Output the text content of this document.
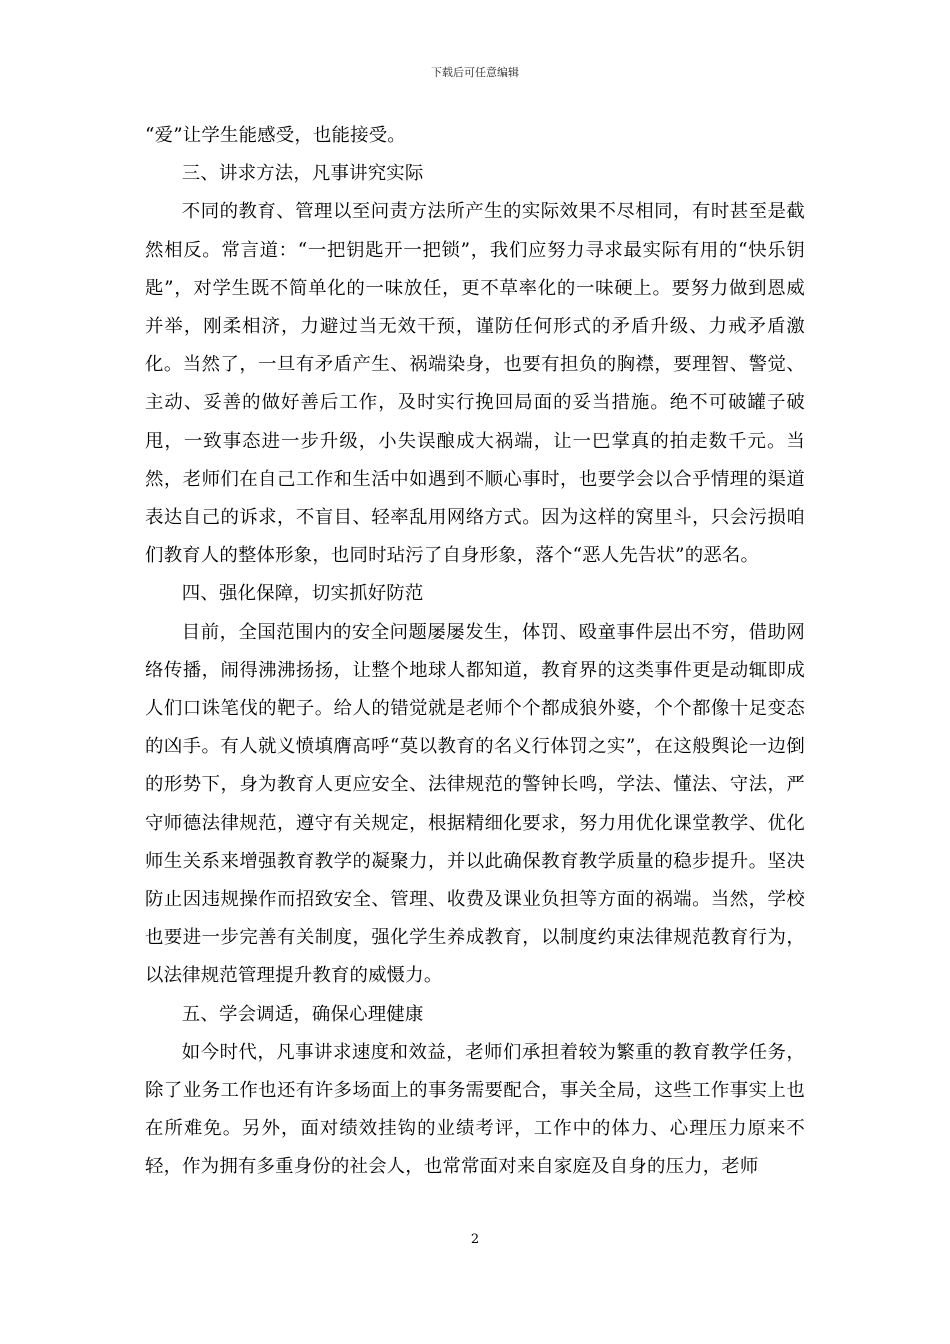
下载后可任意编辑

“爱”让学生能感受，也能接受。

三、讲求方法，凡事讲究实际

不同的教育、管理以至问责方法所产生的实际效果不尽相同，有时甚至是截然相反。常言道：“一把钥匙开一把锁”，我们应努力寻求最实际有用的“快乐钥匙”，对学生既不简单化的一味放任，更不草率化的一味硬上。要努力做到恩威并举，刚柔相济，力避过当无效干预，谨防任何形式的矛盾升级、力戒矛盾激化。当然了，一旦有矛盾产生、祸端染身，也要有担负的胸襟，要理智、警觉、主动、妥善的做好善后工作，及时实行挽回局面的妥当措施。绝不可破罐子破甩，一致事态进一步升级，小失误酿成大祸端，让一巴掌真的拍走数千元。当然，老师们在自己工作和生活中如遇到不顺心事时，也要学会以合乎情理的渠道表达自己的诉求，不盲目、轻率乱用网络方式。因为这样的窝里斗，只会污损咱们教育人的整体形象，也同时玷污了自身形象，落个“恶人先告状”的恶名。

四、强化保障，切实抓好防范

目前，全国范围内的安全问题屡屡发生，体罚、殴童事件层出不穷，借助网络传播，闹得沸沸扬扬，让整个地球人都知道，教育界的这类事件更是动辄即成人们口诛笔伐的靶子。给人的错觉就是老师个个都成狼外婆，个个都像十足变态的凶手。有人就义愤填膺高呼“莫以教育的名义行体罚之实”，在这般舆论一边倒的形势下，身为教育人更应安全、法律规范的警钟长鸣，学法、懂法、守法，严守师德法律规范，遵守有关规定，根据精细化要求，努力用优化课堂教学、优化师生关系来增强教育教学的凝聚力，并以此确保教育教学质量的稳步提升。坚决防止因违规操作而招致安全、管理、收费及课业负担等方面的祸端。当然，学校也要进一步完善有关制度，强化学生养成教育，以制度约束法律规范教育行为，以法律规范管理提升教育的威慑力。

五、学会调适，确保心理健康

如今时代，凡事讲求速度和效益，老师们承担着较为繁重的教育教学任务，除了业务工作也还有许多场面上的事务需要配合，事关全局，这些工作事实上也在所难免。另外，面对绩效挂钩的业绩考评，工作中的体力、心理压力原来不轻，作为拥有多重身份的社会人，也常常面对来自家庭及自身的压力，老师

2
